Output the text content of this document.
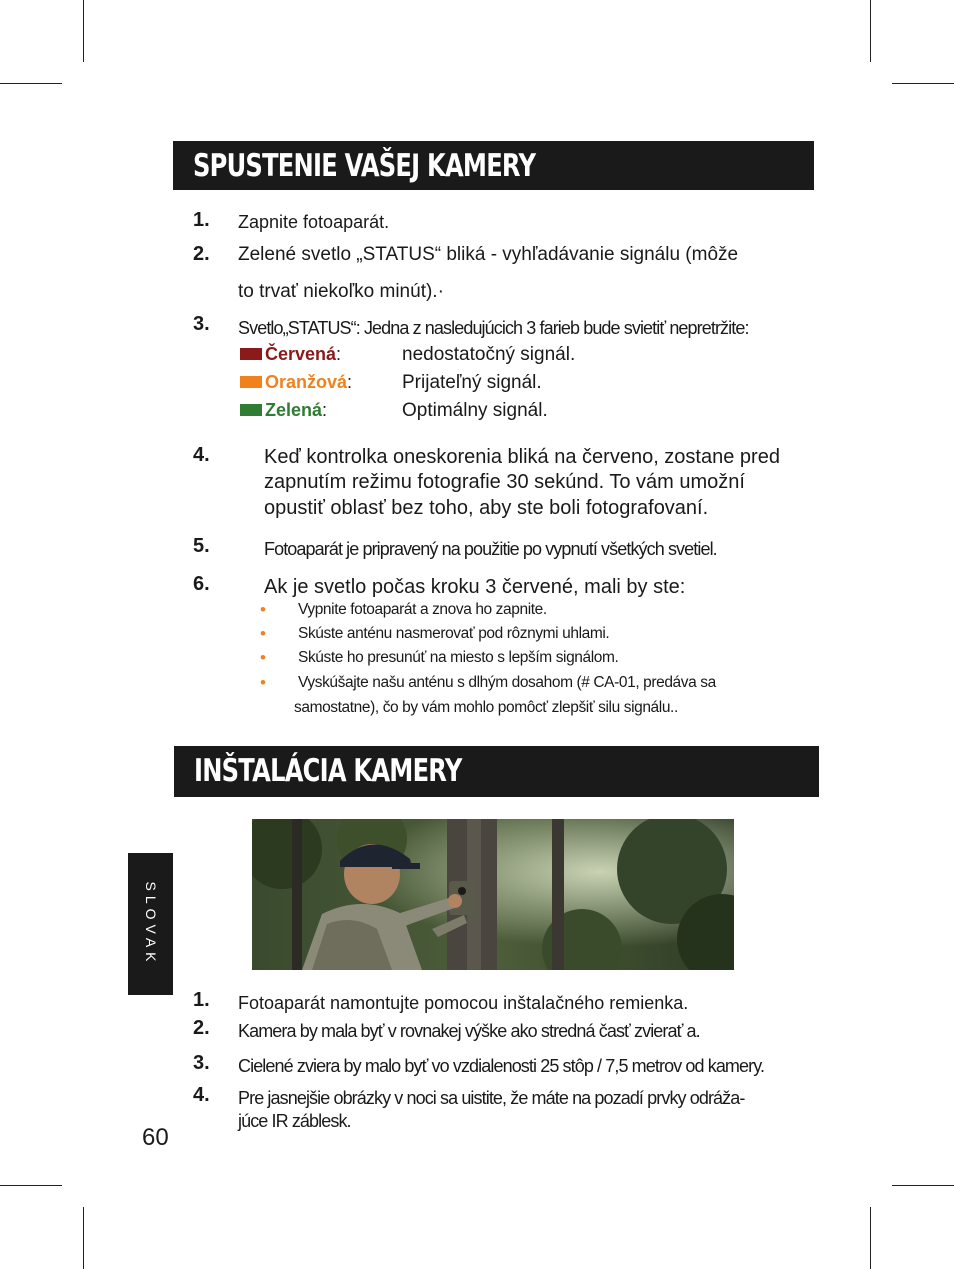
SPUSTENIE VAŠEJ KAMERY
1. Zapnite fotoaparát.
2. Zelené svetlo „STATUS“ bliká - vyhľadávanie signálu (môže
to trvať niekoľko minút).·
3. Svetlo„STATUS“: Jedna z nasledujúcich 3 farieb bude svietiť nepretržite:
Červená:	nedostatočný signál.
Oranžová:	Prijateľný signál.
Zelená:	Optimálny signál.
4.	Keď kontrolka oneskorenia bliká na červeno, zostane pred
zapnutím režimu fotografie 30 sekúnd. To vám umožní
opustiť oblasť bez toho, aby ste boli fotografovaní.
5.	Fotoaparát je pripravený na použitie po vypnutí všetkých svetiel.
6.	Ak je svetlo počas kroku 3 červené, mali by ste:
• Vypnite fotoaparát a znova ho zapnite.
• Skúste anténu nasmerovať pod rôznymi uhlami.
• Skúste ho presunúť na miesto s lepším signálom.
• Vyskúšajte našu anténu s dlhým dosahom (# CA-01, predáva sa
samostatne), čo by vám mohlo pomôcť zlepšiť silu signálu..
INŠTALÁCIA KAMERY
SLOVAK
1. Fotoaparát namontujte pomocou inštalačného remienka.
2. Kamera by mala byť v rovnakej výške ako stredná časť zvierať a.
3. Cielené zviera by malo byť vo vzdialenosti 25 stôp / 7,5 metrov od kamery.
4. Pre jasnejšie obrázky v noci sa uistite, že máte na pozadí prvky odráža-
júce IR záblesk.
60
